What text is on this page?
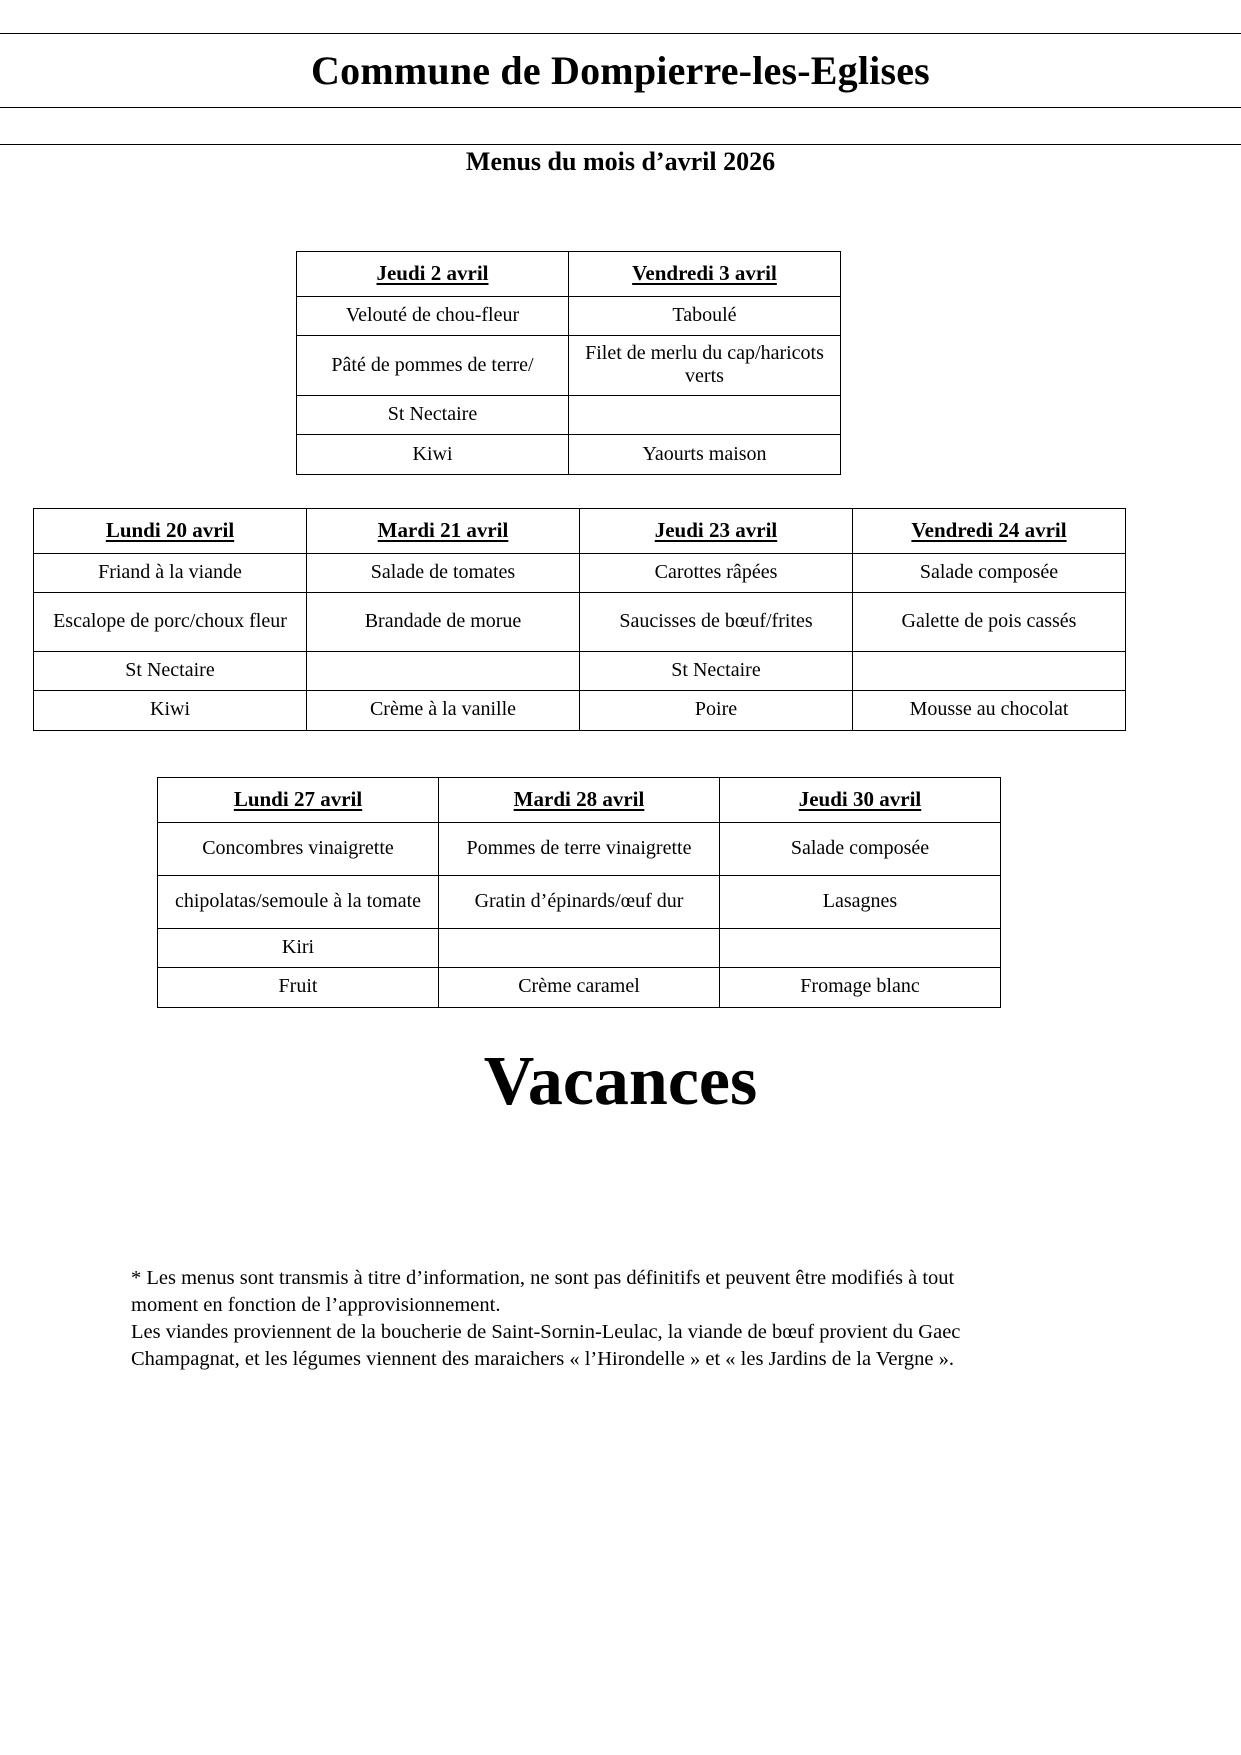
Commune de Dompierre-les-Eglises
Menus du mois d’avril 2026
Jeudi 2 avril	Vendredi 3 avril
Velouté de chou-fleur	Taboulé
Pâté de pommes de terre/	Filet de merlu du cap/haricots verts
St Nectaire	
Kiwi	Yaourts maison
Lundi 20 avril	Mardi 21 avril	Jeudi 23 avril	Vendredi 24 avril
Friand à la viande	Salade de tomates	Carottes râpées	Salade composée
Escalope de porc/choux fleur	Brandade de morue	Saucisses de bœuf/frites	Galette de pois cassés
St Nectaire		St Nectaire	
Kiwi	Crème à la vanille	Poire	Mousse au chocolat
Lundi 27 avril	Mardi 28 avril	Jeudi 30 avril
Concombres vinaigrette	Pommes de terre vinaigrette	Salade composée
chipolatas/semoule à la tomate	Gratin d’épinards/œuf dur	Lasagnes
Kiri		
Fruit	Crème caramel	Fromage blanc
Vacances

* Les menus sont transmis à titre d’information, ne sont pas définitifs et peuvent être modifiés à tout moment en fonction de l’approvisionnement.

Les viandes proviennent de la boucherie de Saint-Sornin-Leulac, la viande de bœuf provient du Gaec Champagnat, et les légumes viennent des maraichers « l’Hirondelle » et « les Jardins de la Vergne ».
